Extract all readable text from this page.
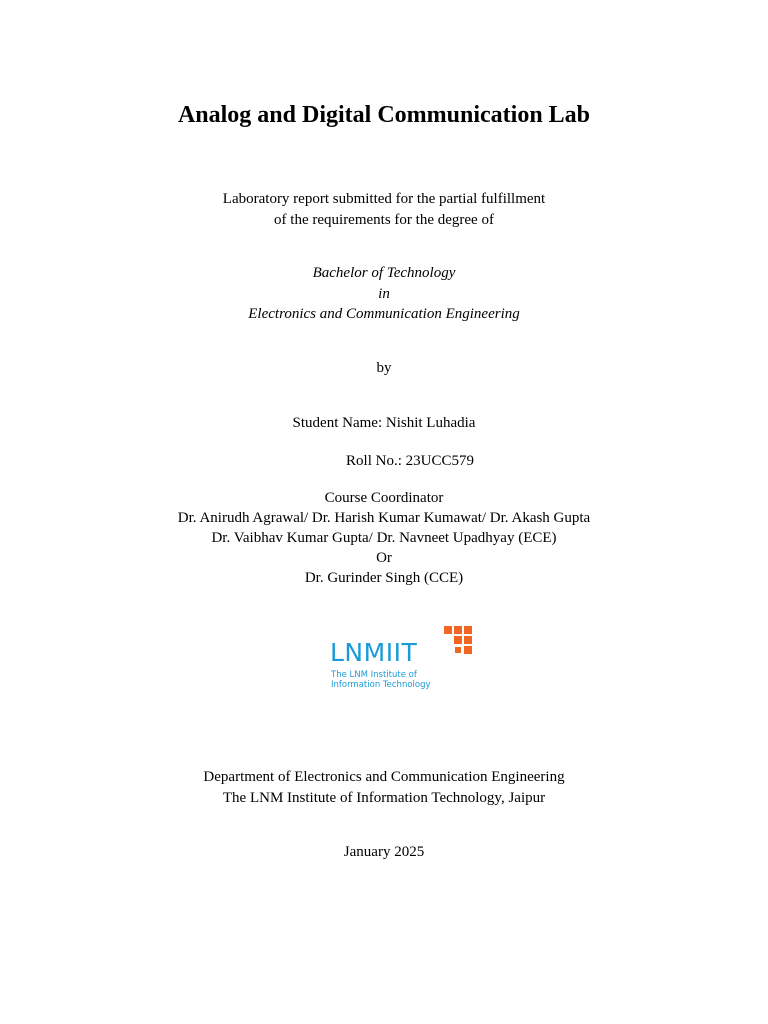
Analog and Digital Communication Lab
Laboratory report submitted for the partial fulfillment
of the requirements for the degree of
Bachelor of Technology
in
Electronics and Communication Engineering
by
Student Name: Nishit Luhadia
Roll No.: 23UCC579
Course Coordinator
Dr. Anirudh Agrawal/ Dr. Harish Kumar Kumawat/ Dr. Akash Gupta
Dr. Vaibhav Kumar Gupta/ Dr. Navneet Upadhyay (ECE)
Or
Dr. Gurinder Singh (CCE)
LNMIIT
The LNM Institute of
Information Technology
Department of Electronics and Communication Engineering
The LNM Institute of Information Technology, Jaipur
January 2025
